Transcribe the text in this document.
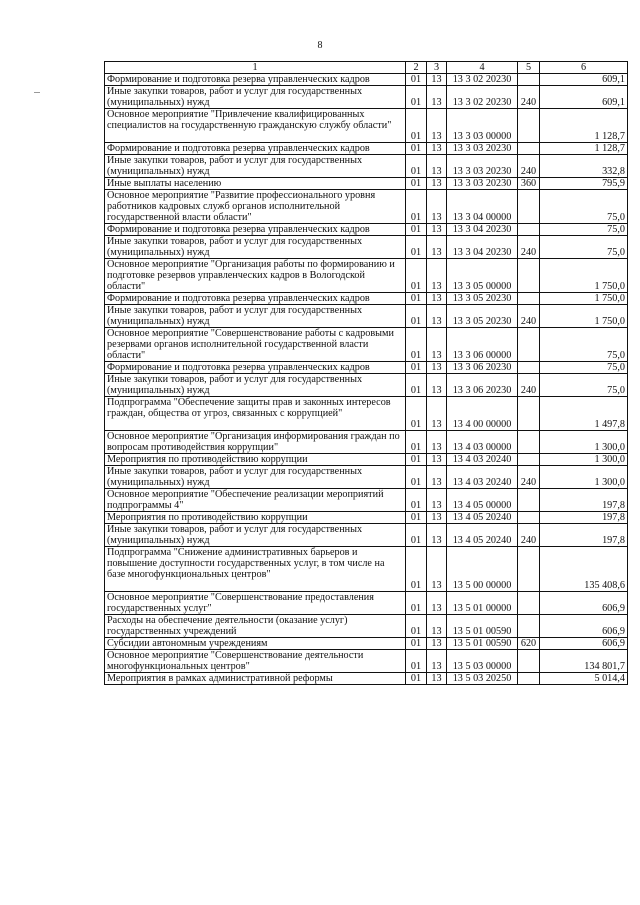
8
1	2	3	4	5	6
Формирование и подготовка резерва управленческих кадров	01	13	13 3 02 20230		609,1
Иные закупки товаров, работ и услуг для государственных (муниципальных) нужд	01	13	13 3 02 20230	240	609,1
Основное мероприятие "Привлечение квалифицированных специалистов на государственную гражданскую службу области"	01	13	13 3 03 00000		1 128,7
Формирование и подготовка резерва управленческих кадров	01	13	13 3 03 20230		1 128,7
Иные закупки товаров, работ и услуг для государственных (муниципальных) нужд	01	13	13 3 03 20230	240	332,8
Иные выплаты населению	01	13	13 3 03 20230	360	795,9
Основное мероприятие "Развитие профессионального уровня работников кадровых служб органов исполнительной государственной власти области"	01	13	13 3 04 00000		75,0
Формирование и подготовка резерва управленческих кадров	01	13	13 3 04 20230		75,0
Иные закупки товаров, работ и услуг для государственных (муниципальных) нужд	01	13	13 3 04 20230	240	75,0
Основное мероприятие "Организация работы по формированию и подготовке резервов управленческих кадров в Вологодской области"	01	13	13 3 05 00000		1 750,0
Формирование и подготовка резерва управленческих кадров	01	13	13 3 05 20230		1 750,0
Иные закупки товаров, работ и услуг для государственных (муниципальных) нужд	01	13	13 3 05 20230	240	1 750,0
Основное мероприятие "Совершенствование работы с кадровыми резервами органов исполнительной государственной власти области"	01	13	13 3 06 00000		75,0
Формирование и подготовка резерва управленческих кадров	01	13	13 3 06 20230		75,0
Иные закупки товаров, работ и услуг для государственных (муниципальных) нужд	01	13	13 3 06 20230	240	75,0
Подпрограмма "Обеспечение защиты прав и законных интересов граждан, общества от угроз, связанных с коррупцией"	01	13	13 4 00 00000		1 497,8
Основное мероприятие "Организация информирования граждан по вопросам противодействия коррупции"	01	13	13 4 03 00000		1 300,0
Мероприятия по противодействию коррупции	01	13	13 4 03 20240		1 300,0
Иные закупки товаров, работ и услуг для государственных (муниципальных) нужд	01	13	13 4 03 20240	240	1 300,0
Основное мероприятие "Обеспечение реализации мероприятий подпрограммы 4"	01	13	13 4 05 00000		197,8
Мероприятия по противодействию коррупции	01	13	13 4 05 20240		197,8
Иные закупки товаров, работ и услуг для государственных (муниципальных) нужд	01	13	13 4 05 20240	240	197,8
Подпрограмма "Снижение административных барьеров и повышение доступности государственных услуг, в том числе на базе многофункциональных центров"	01	13	13 5 00 00000		135 408,6
Основное мероприятие "Совершенствование предоставления государственных услуг"	01	13	13 5 01 00000		606,9
Расходы на обеспечение деятельности (оказание услуг) государственных учреждений	01	13	13 5 01 00590		606,9
Субсидии автономным учреждениям	01	13	13 5 01 00590	620	606,9
Основное мероприятие "Совершенствование деятельности многофункциональных центров"	01	13	13 5 03 00000		134 801,7
Мероприятия в рамках административной реформы	01	13	13 5 03 20250		5 014,4
